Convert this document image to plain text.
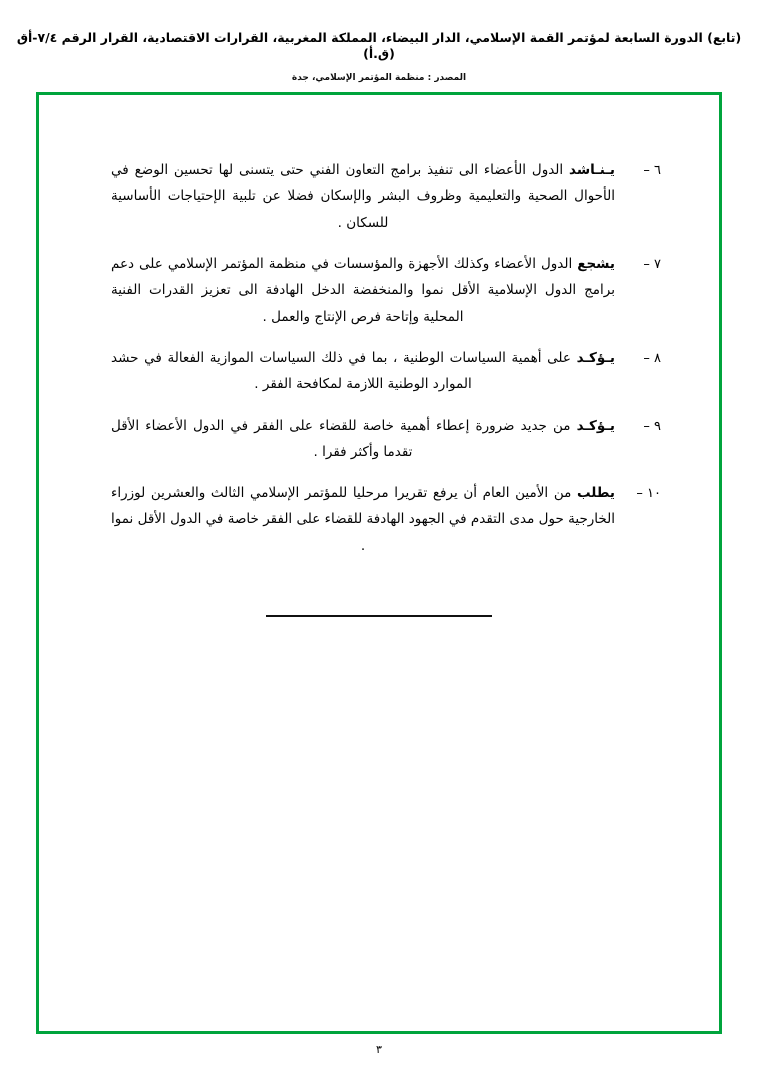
(تابع) الدورة السابعة لمؤتمر القمة الإسلامي، الدار البيضاء، المملكة المغربية، القرارات الاقتصادية، القرار الرقم ٧/٤-أق (ق.أ)
المصدر : منظمة المؤتمر الإسلامي، جدة
٦ –
يـنـاشد الدول الأعضاء الى تنفيذ برامج التعاون الفني حتى يتسنى لها تحسين الوضع في الأحوال الصحية والتعليمية وظروف البشر والإسكان فضلا عن تلبية الإحتياجات الأساسية للسكان .
٧ –
يشجع الدول الأعضاء وكذلك الأجهزة والمؤسسات في منظمة المؤتمر الإسلامي على دعم برامج الدول الإسلامية الأقل نموا والمنخفضة الدخل الهادفة الى تعزيز القدرات الفنية المحلية وإتاحة فرص الإنتاج والعمل .
٨ –
يـؤكـد على أهمية السياسات الوطنية ، بما في ذلك السياسات الموازية الفعالة في حشد الموارد الوطنية اللازمة لمكافحة الفقر .
٩ –
يـؤكـد من جديد ضرورة إعطاء أهمية خاصة للقضاء على الفقر في الدول الأعضاء الأقل تقدما وأكثر فقرا .
١٠ –
يطلب من الأمين العام أن يرفع تقريرا مرحليا للمؤتمر الإسلامي الثالث والعشرين لوزراء الخارجية حول مدى التقدم في الجهود الهادفة للقضاء على الفقر خاصة في الدول الأقل نموا .
٣
